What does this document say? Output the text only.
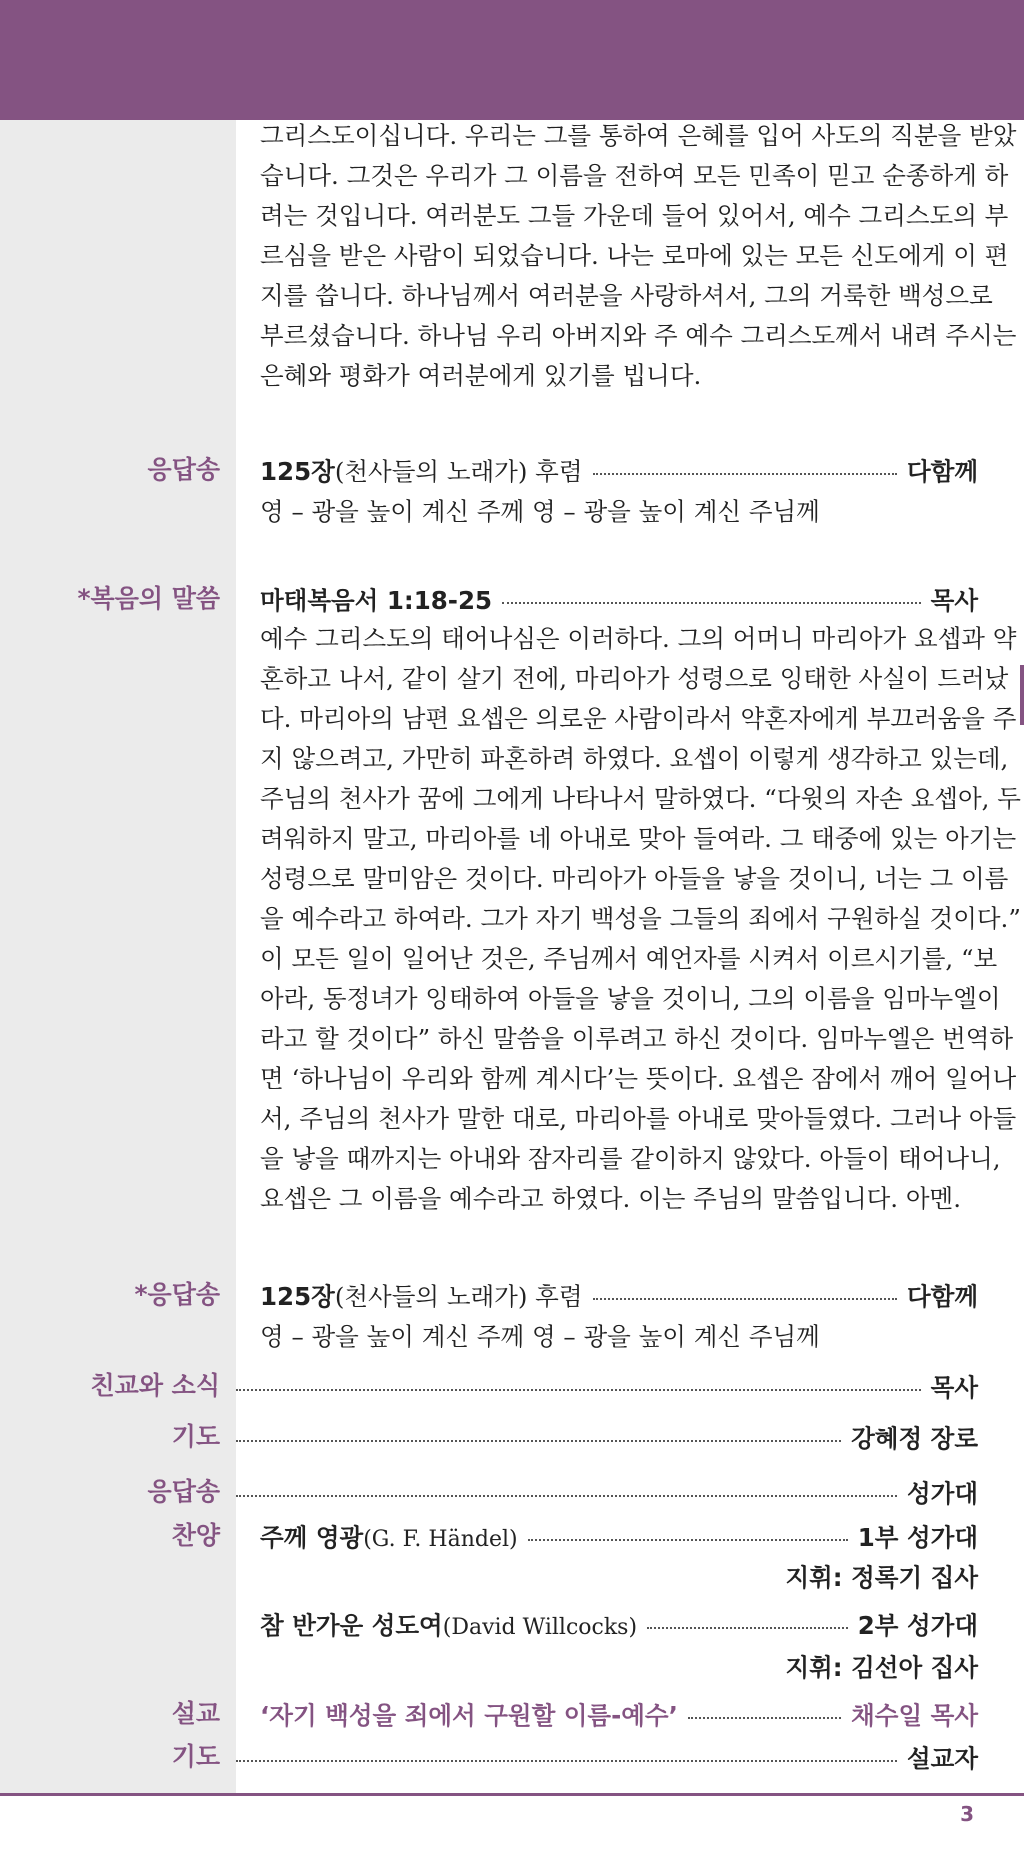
그리스도이십니다. 우리는 그를 통하여 은혜를 입어 사도의 직분을 받았
습니다. 그것은 우리가 그 이름을 전하여 모든 민족이 믿고 순종하게 하
려는 것입니다. 여러분도 그들 가운데 들어 있어서, 예수 그리스도의 부
르심을 받은 사람이 되었습니다. 나는 로마에 있는 모든 신도에게 이 편
지를 씁니다. 하나님께서 여러분을 사랑하셔서, 그의 거룩한 백성으로
부르셨습니다. 하나님 우리 아버지와 주 예수 그리스도께서 내려 주시는
은혜와 평화가 여러분에게 있기를 빕니다.
응답송 125장(천사들의 노래가) 후렴	다함께
영 – 광을 높이 계신 주께 영 – 광을 높이 계신 주님께
*복음의 말씀 마태복음서 1:18-25	목사
예수 그리스도의 태어나심은 이러하다. 그의 어머니 마리아가 요셉과 약
혼하고 나서, 같이 살기 전에, 마리아가 성령으로 잉태한 사실이 드러났
다. 마리아의 남편 요셉은 의로운 사람이라서 약혼자에게 부끄러움을 주
지 않으려고, 가만히 파혼하려 하였다. 요셉이 이렇게 생각하고 있는데,
주님의 천사가 꿈에 그에게 나타나서 말하였다. “다윗의 자손 요셉아, 두
려워하지 말고, 마리아를 네 아내로 맞아 들여라. 그 태중에 있는 아기는
성령으로 말미암은 것이다. 마리아가 아들을 낳을 것이니, 너는 그 이름
을 예수라고 하여라. 그가 자기 백성을 그들의 죄에서 구원하실 것이다.”
이 모든 일이 일어난 것은, 주님께서 예언자를 시켜서 이르시기를, “보
아라, 동정녀가 잉태하여 아들을 낳을 것이니, 그의 이름을 임마누엘이
라고 할 것이다” 하신 말씀을 이루려고 하신 것이다. 임마누엘은 번역하
면 ‘하나님이 우리와 함께 계시다’는 뜻이다. 요셉은 잠에서 깨어 일어나
서, 주님의 천사가 말한 대로, 마리아를 아내로 맞아들였다. 그러나 아들
을 낳을 때까지는 아내와 잠자리를 같이하지 않았다. 아들이 태어나니,
요셉은 그 이름을 예수라고 하였다. 이는 주님의 말씀입니다. 아멘.
*응답송 125장(천사들의 노래가) 후렴	다함께
영 – 광을 높이 계신 주께 영 – 광을 높이 계신 주님께
친교와 소식	목사
기도	강혜정 장로
응답송	성가대
찬양 주께 영광(G. F. Händel)	1부 성가대
지휘: 정록기 집사
참 반가운 성도여(David Willcocks)	2부 성가대
지휘: 김선아 집사
설교 ‘자기 백성을 죄에서 구원할 이름-예수’	채수일 목사
기도	설교자
3
